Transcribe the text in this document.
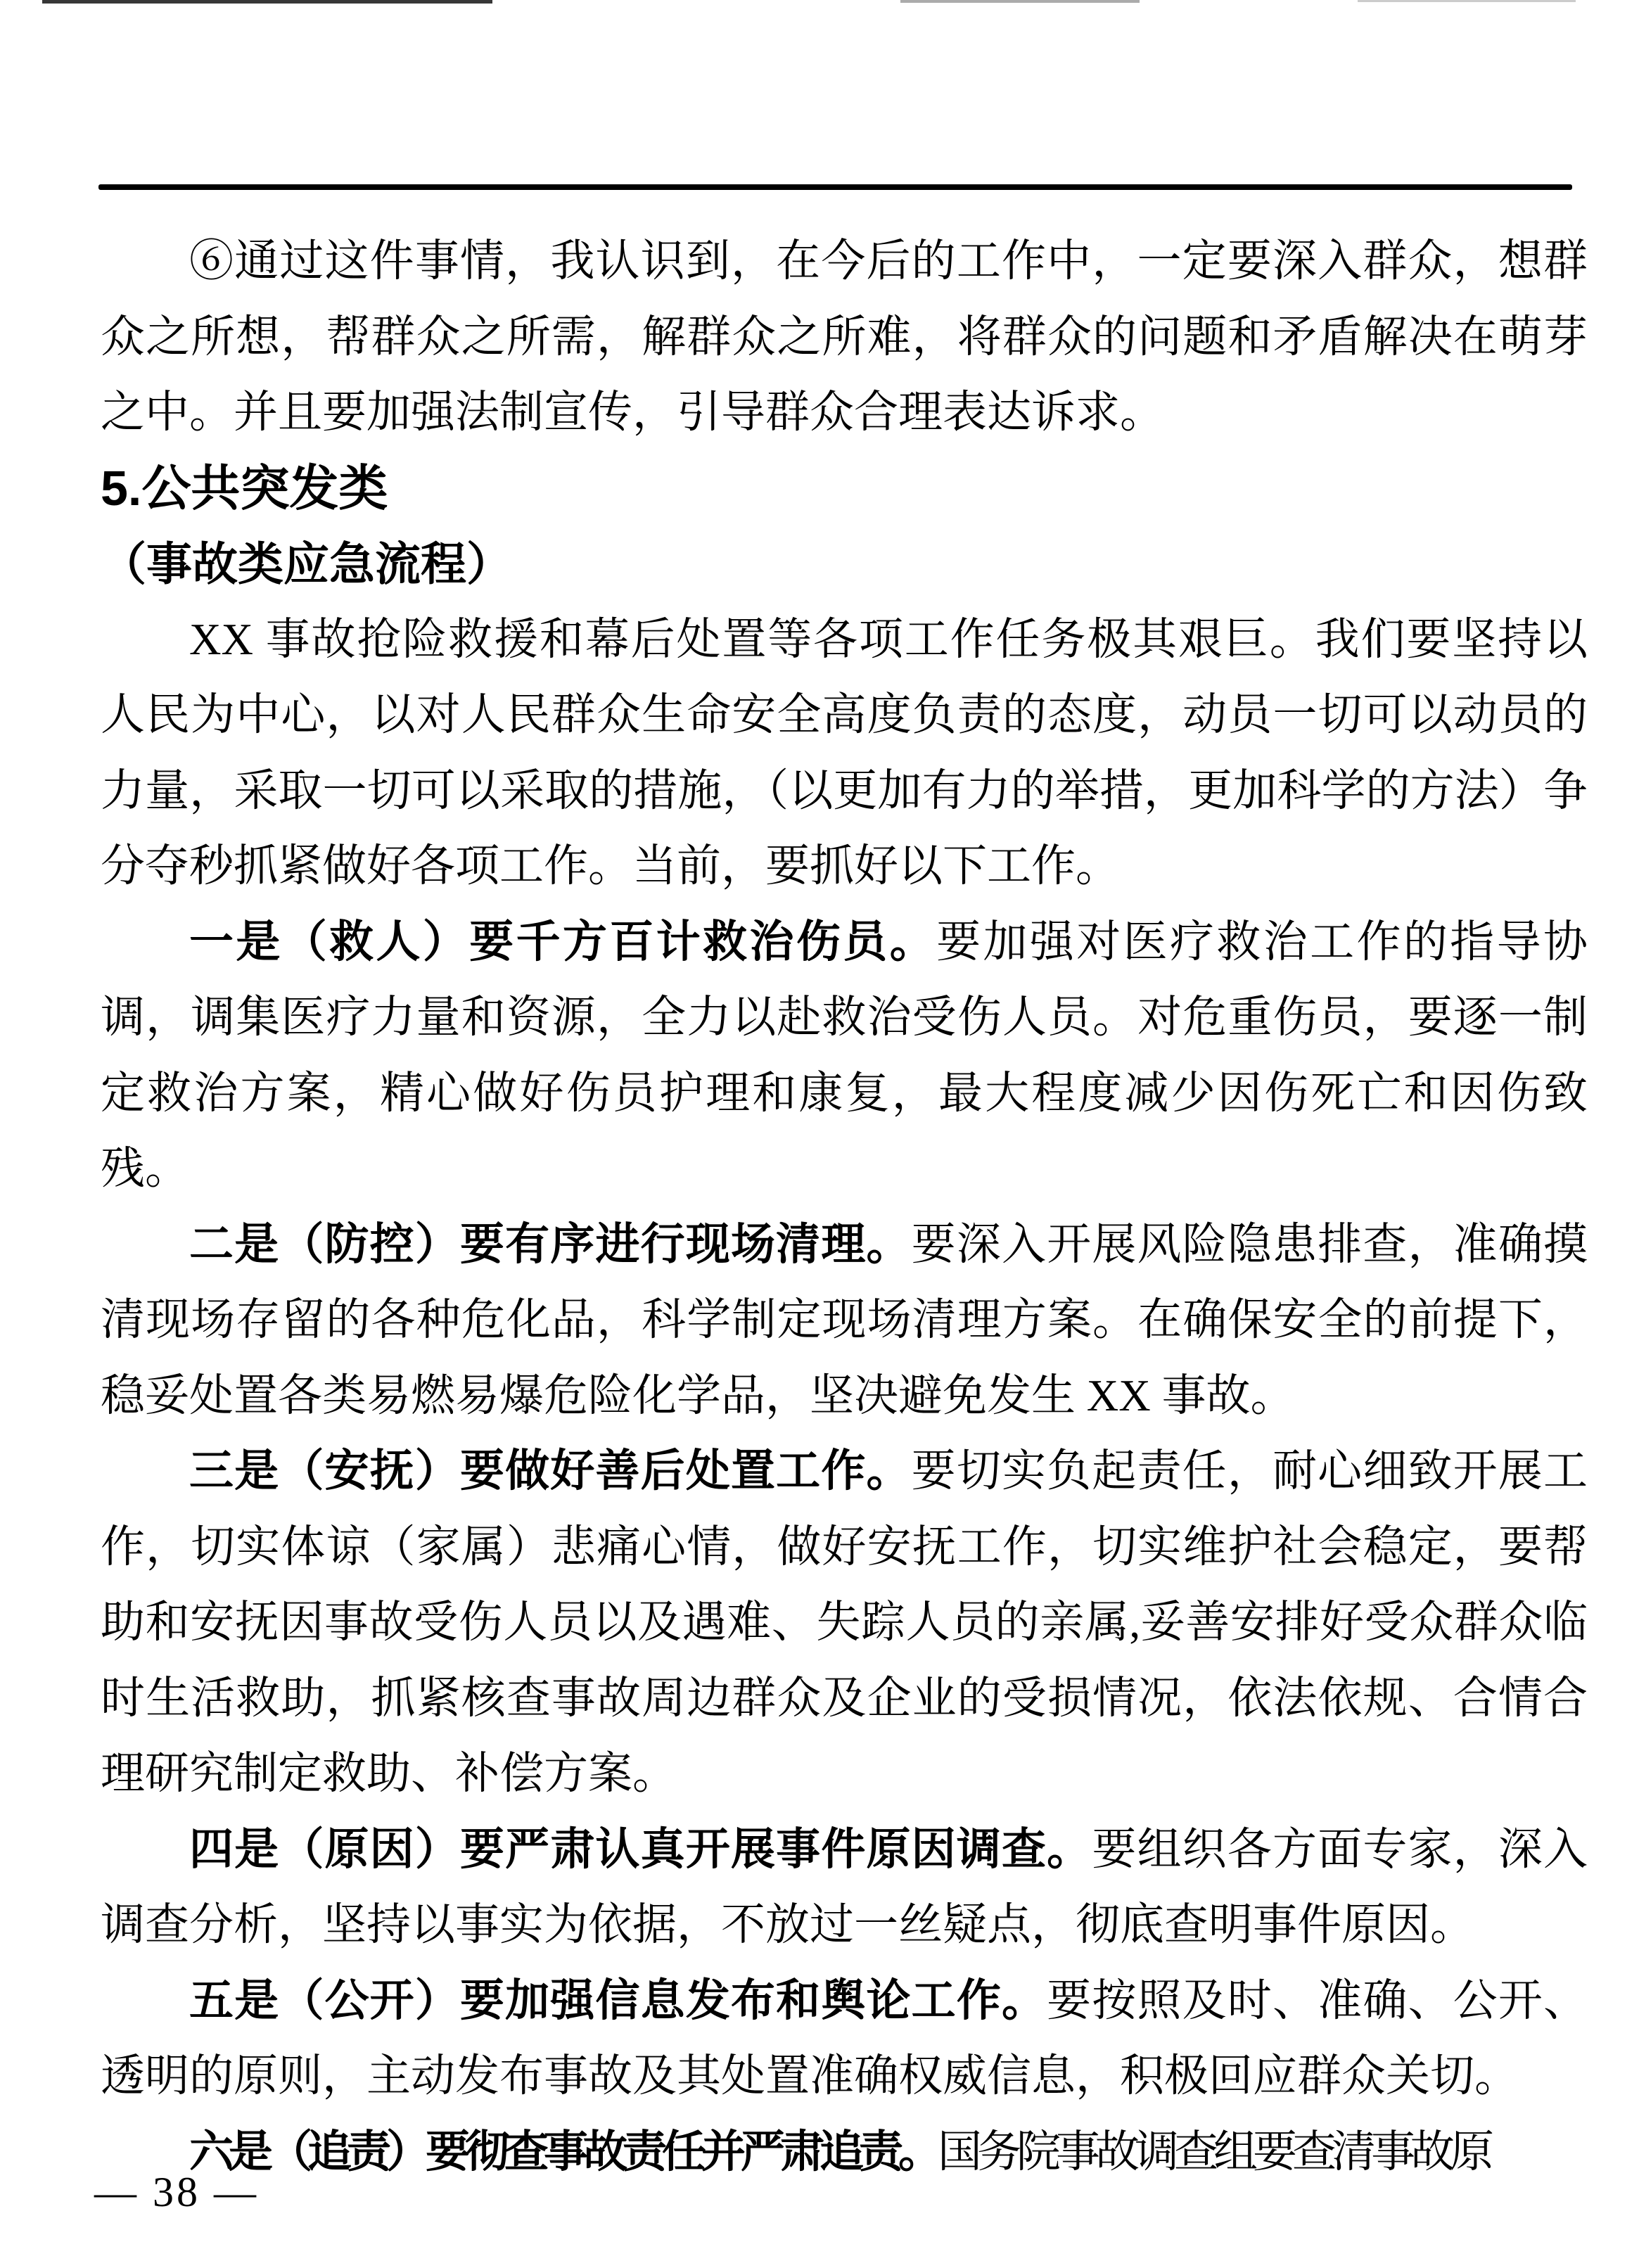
⑥通过这件事情，我认识到，在今后的工作中，一定要深入群众，想群众之所想，帮群众之所需，解群众之所难，将群众的问题和矛盾解决在萌芽之中。并且要加强法制宣传，引导群众合理表达诉求。

5.公共突发类

（事故类应急流程）

XX 事故抢险救援和幕后处置等各项工作任务极其艰巨。我们要坚持以人民为中心，以对人民群众生命安全高度负责的态度，动员一切可以动员的力量，采取一切可以采取的措施，（以更加有力的举措，更加科学的方法）争分夺秒抓紧做好各项工作。当前，要抓好以下工作。

一是（救人）要千方百计救治伤员。要加强对医疗救治工作的指导协调，调集医疗力量和资源，全力以赴救治受伤人员。对危重伤员，要逐一制定救治方案，精心做好伤员护理和康复，最大程度减少因伤死亡和因伤致残。

二是（防控）要有序进行现场清理。要深入开展风险隐患排查，准确摸清现场存留的各种危化品，科学制定现场清理方案。在确保安全的前提下，稳妥处置各类易燃易爆危险化学品，坚决避免发生 XX 事故。

三是（安抚）要做好善后处置工作。要切实负起责任，耐心细致开展工作，切实体谅（家属）悲痛心情，做好安抚工作，切实维护社会稳定，要帮助和安抚因事故受伤人员以及遇难、失踪人员的亲属,妥善安排好受众群众临时生活救助，抓紧核查事故周边群众及企业的受损情况，依法依规、合情合理研究制定救助、补偿方案。

四是（原因）要严肃认真开展事件原因调查。要组织各方面专家，深入调查分析，坚持以事实为依据，不放过一丝疑点，彻底查明事件原因。

五是（公开）要加强信息发布和舆论工作。要按照及时、准确、公开、透明的原则，主动发布事故及其处置准确权威信息，积极回应群众关切。

六是（追责）要彻查事故责任并严肃追责。国务院事故调查组要查清事故原

— 38 —
